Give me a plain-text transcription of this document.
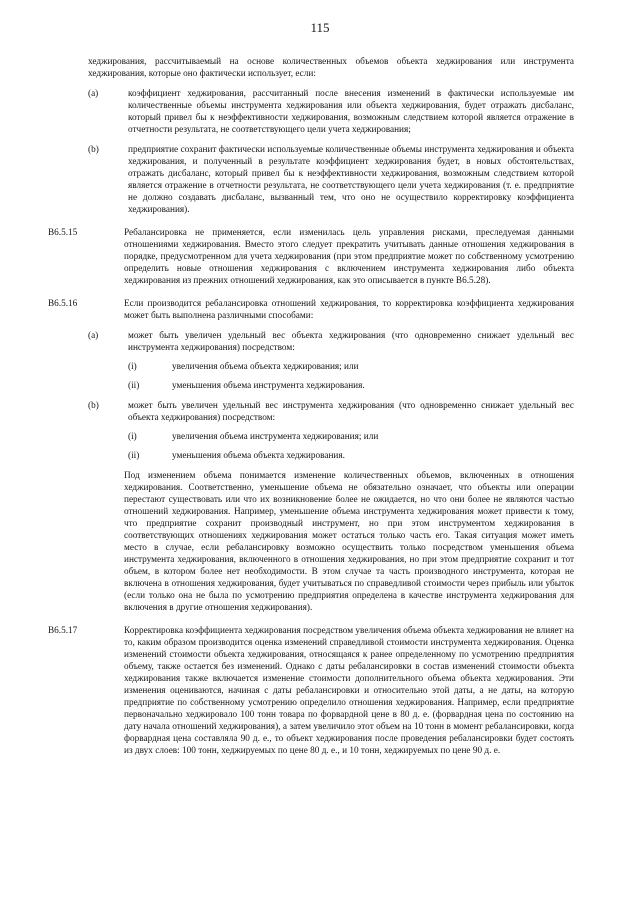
115

хеджирования, рассчитываемый на основе количественных объемов объекта хеджирования или инструмента хеджирования, которые оно фактически использует, если:

(a)	коэффициент хеджирования, рассчитанный после внесения изменений в фактически используемые им количественные объемы инструмента хеджирования или объекта хеджирования, будет отражать дисбаланс, который привел бы к неэффективности хеджирования, возможным следствием которой является отражение в отчетности результата, не соответствующего цели учета хеджирования;

(b)	предприятие сохранит фактически используемые количественные объемы инструмента хеджирования и объекта хеджирования, и полученный в результате коэффициент хеджирования будет, в новых обстоятельствах, отражать дисбаланс, который привел бы к неэффективности хеджирования, возможным следствием которой является отражение в отчетности результата, не соответствующего цели учета хеджирования (т. е. предприятие не должно создавать дисбаланс, вызванный тем, что оно не осуществило корректировку коэффициента хеджирования).

B6.5.15	Ребалансировка не применяется, если изменилась цель управления рисками, преследуемая данными отношениями хеджирования. Вместо этого следует прекратить учитывать данные отношения хеджирования в порядке, предусмотренном для учета хеджирования (при этом предприятие может по собственному усмотрению определить новые отношения хеджирования с включением инструмента хеджирования либо объекта хеджирования из прежних отношений хеджирования, как это описывается в пункте B6.5.28).

B6.5.16	Если производится ребалансировка отношений хеджирования, то корректировка коэффициента хеджирования может быть выполнена различными способами:

(a)	может быть увеличен удельный вес объекта хеджирования (что одновременно снижает удельный вес инструмента хеджирования) посредством:

(i)	увеличения объема объекта хеджирования; или

(ii)	уменьшения объема инструмента хеджирования.

(b)	может быть увеличен удельный вес инструмента хеджирования (что одновременно снижает удельный вес объекта хеджирования) посредством:

(i)	увеличения объема инструмента хеджирования; или

(ii)	уменьшения объема объекта хеджирования.

Под изменением объема понимается изменение количественных объемов, включенных в отношения хеджирования. Соответственно, уменьшение объема не обязательно означает, что объекты или операции перестают существовать или что их возникновение более не ожидается, но что они более не являются частью отношений хеджирования. Например, уменьшение объема инструмента хеджирования может привести к тому, что предприятие сохранит производный инструмент, но при этом инструментом хеджирования в соответствующих отношениях хеджирования может остаться только часть его. Такая ситуация может иметь место в случае, если ребалансировку возможно осуществить только посредством уменьшения объема инструмента хеджирования, включенного в отношения хеджирования, но при этом предприятие сохранит и тот объем, в котором более нет необходимости. В этом случае та часть производного инструмента, которая не включена в отношения хеджирования, будет учитываться по справедливой стоимости через прибыль или убыток (если только она не была по усмотрению предприятия определена в качестве инструмента хеджирования для включения в другие отношения хеджирования).

B6.5.17	Корректировка коэффициента хеджирования посредством увеличения объема объекта хеджирования не влияет на то, каким образом производится оценка изменений справедливой стоимости инструмента хеджирования. Оценка изменений стоимости объекта хеджирования, относящаяся к ранее определенному по усмотрению предприятия объему, также остается без изменений. Однако с даты ребалансировки в состав изменений стоимости объекта хеджирования также включается изменение стоимости дополнительного объема объекта хеджирования. Эти изменения оцениваются, начиная с даты ребалансировки и относительно этой даты, а не даты, на которую предприятие по собственному усмотрению определило отношения хеджирования. Например, если предприятие первоначально хеджировало 100 тонн товара по форвардной цене в 80 д. е. (форвардная цена по состоянию на дату начала отношений хеджирования), а затем увеличило этот объем на 10 тонн в момент ребалансировки, когда форвардная цена составляла 90 д. е., то объект хеджирования после проведения ребалансировки будет состоять из двух слоев: 100 тонн, хеджируемых по цене 80 д. е., и 10 тонн, хеджируемых по цене 90 д. е.
